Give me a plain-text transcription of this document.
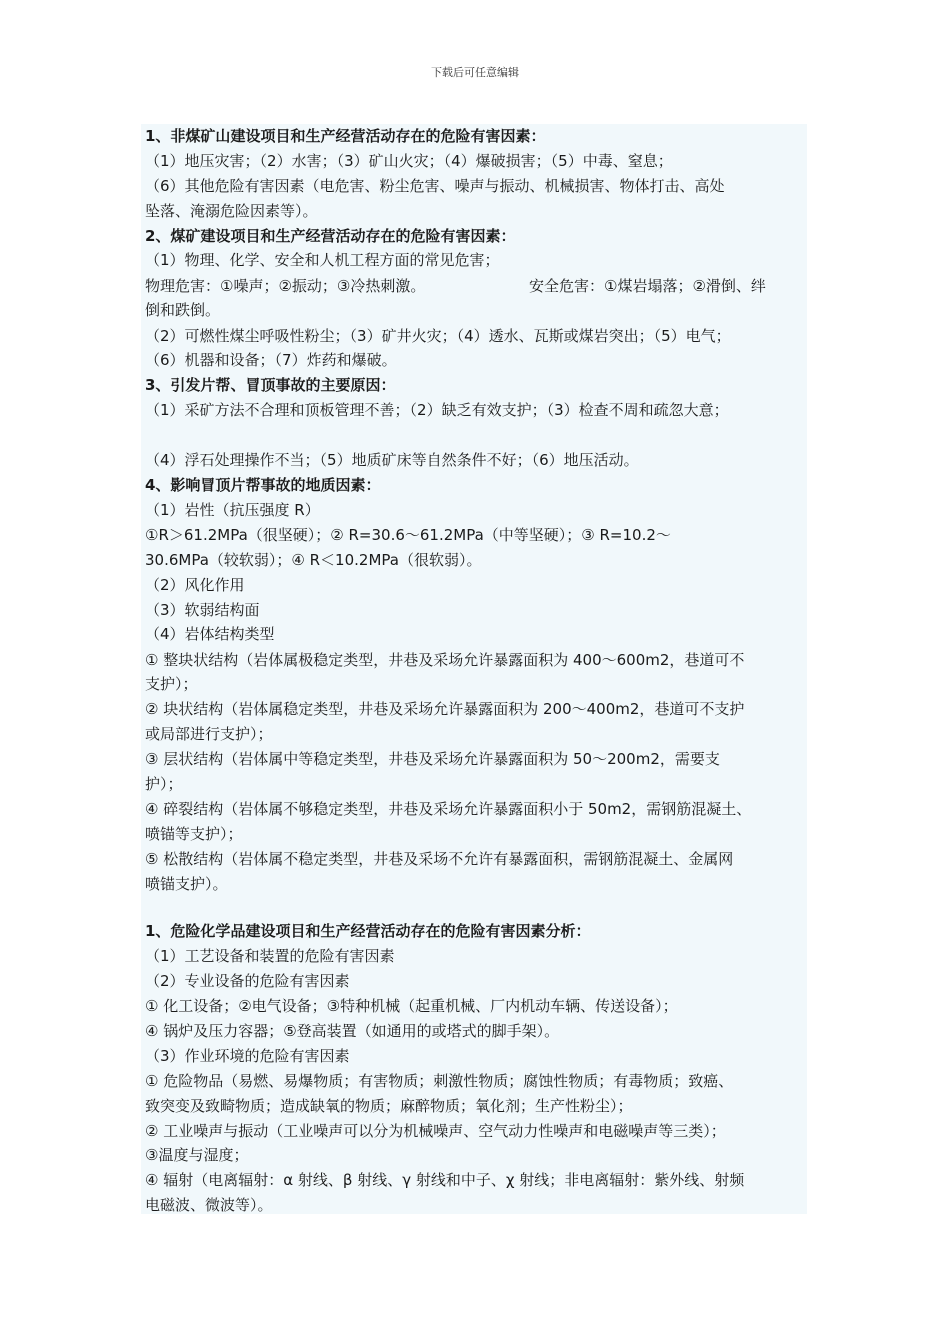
下载后可任意编辑
1、非煤矿山建设项目和生产经营活动存在的危险有害因素：
（1）地压灾害；（2）水害；（3）矿山火灾；（4）爆破损害；（5）中毒、窒息；
（6）其他危险有害因素（电危害、粉尘危害、噪声与振动、机械损害、物体打击、高处
坠落、淹溺危险因素等）。
2、煤矿建设项目和生产经营活动存在的危险有害因素：
（1）物理、化学、安全和人机工程方面的常见危害；
物理危害：①噪声；②振动；③冷热刺激。	安全危害：①煤岩塌落；②滑倒、绊
倒和跌倒。
（2）可燃性煤尘呼吸性粉尘；（3）矿井火灾；（4）透水、瓦斯或煤岩突出；（5）电气；
（6）机器和设备；（7）炸药和爆破。
3、引发片帮、冒顶事故的主要原因：
（1）采矿方法不合理和顶板管理不善；（2）缺乏有效支护；（3）检查不周和疏忽大意；
（4）浮石处理操作不当；（5）地质矿床等自然条件不好；（6）地压活动。
4、影响冒顶片帮事故的地质因素：
（1）岩性（抗压强度 R）
①R＞61.2MPa（很坚硬）；② R=30.6～61.2MPa（中等坚硬）；③ R=10.2～
30.6MPa（较软弱）；④ R＜10.2MPa（很软弱）。
（2）风化作用
（3）软弱结构面
（4）岩体结构类型
① 整块状结构（岩体属极稳定类型，井巷及采场允许暴露面积为 400～600m2，巷道可不
支护）；
② 块状结构（岩体属稳定类型，井巷及采场允许暴露面积为 200～400m2，巷道可不支护
或局部进行支护）；
③ 层状结构（岩体属中等稳定类型，井巷及采场允许暴露面积为 50～200m2，需要支
护）；
④ 碎裂结构（岩体属不够稳定类型，井巷及采场允许暴露面积小于 50m2，需钢筋混凝土、
喷锚等支护）；
⑤ 松散结构（岩体属不稳定类型，井巷及采场不允许有暴露面积，需钢筋混凝土、金属网
喷锚支护）。
1、危险化学品建设项目和生产经营活动存在的危险有害因素分析：
（1）工艺设备和装置的危险有害因素
（2）专业设备的危险有害因素
① 化工设备；②电气设备；③特种机械（起重机械、厂内机动车辆、传送设备）；
④ 锅炉及压力容器；⑤登高装置（如通用的或塔式的脚手架）。
（3）作业环境的危险有害因素
① 危险物品（易燃、易爆物质；有害物质；刺激性物质；腐蚀性物质；有毒物质；致癌、
致突变及致畸物质；造成缺氧的物质；麻醉物质；氧化剂；生产性粉尘）；
② 工业噪声与振动（工业噪声可以分为机械噪声、空气动力性噪声和电磁噪声等三类）；
③温度与湿度；
④ 辐射（电离辐射：α 射线、β 射线、γ 射线和中子、χ 射线；非电离辐射：紫外线、射频
电磁波、微波等）。
